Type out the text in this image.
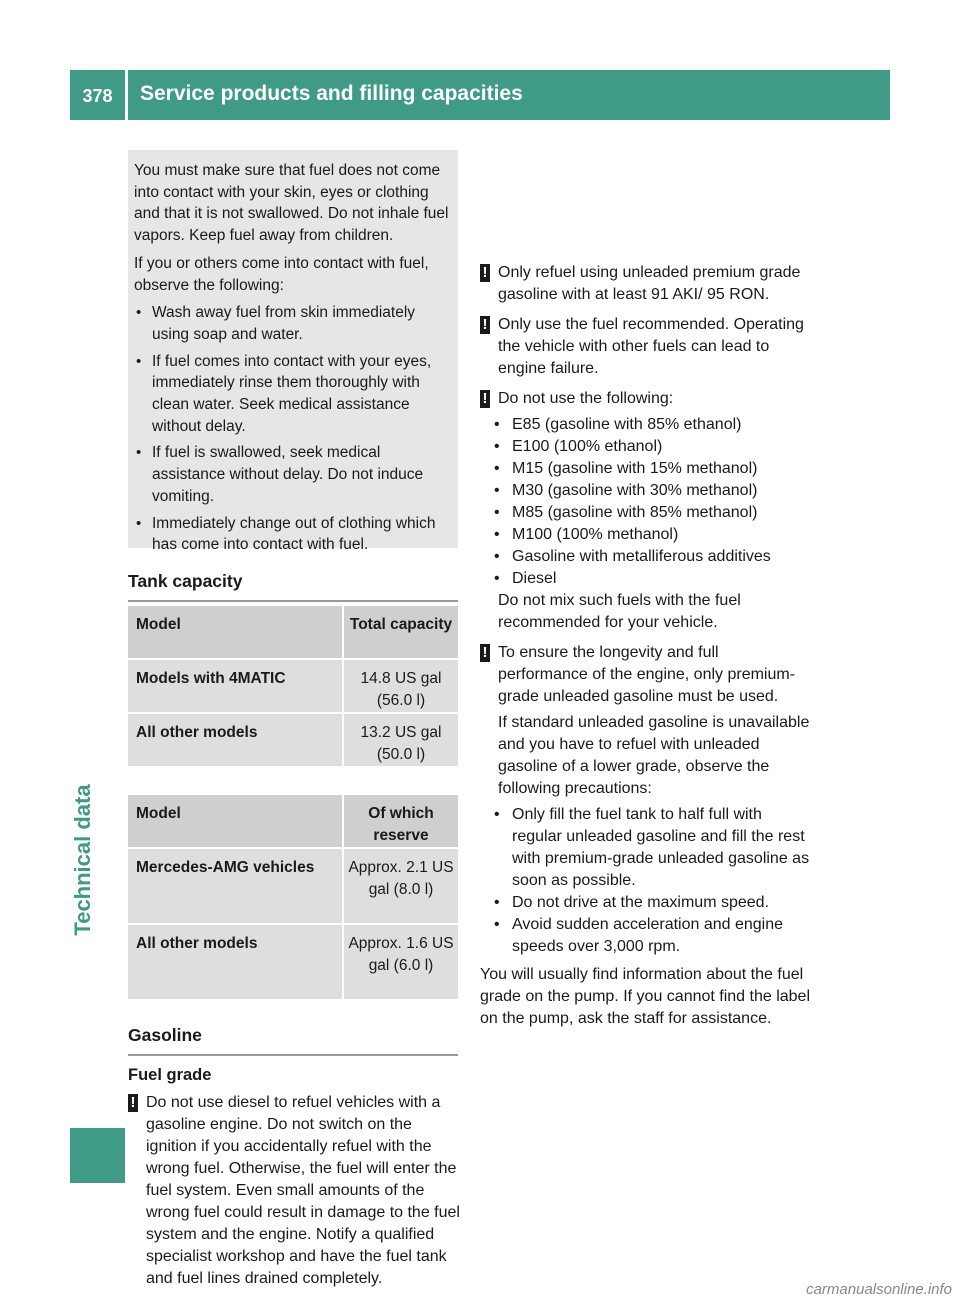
378	Service products and filling capacities
Technical data

You must make sure that fuel does not come into contact with your skin, eyes or clothing and that it is not swallowed. Do not inhale fuel vapors. Keep fuel away from children.

If you or others come into contact with fuel, observe the following:

• Wash away fuel from skin immediately using soap and water.
• If fuel comes into contact with your eyes, immediately rinse them thoroughly with clean water. Seek medical assistance without delay.
• If fuel is swallowed, seek medical assistance without delay. Do not induce vomiting.
• Immediately change out of clothing which has come into contact with fuel.
Tank capacity
Model	Total capacity
Models with 4MATIC	14.8 US gal (56.0 l)
All other models	13.2 US gal (50.0 l)
Model	Of which reserve
Mercedes-AMG vehicles	Approx. 2.1 US gal (8.0 l)
All other models	Approx. 1.6 US gal (6.0 l)
Gasoline
Fuel grade
! Do not use diesel to refuel vehicles with a gasoline engine. Do not switch on the ignition if you accidentally refuel with the wrong fuel. Otherwise, the fuel will enter the fuel system. Even small amounts of the wrong fuel could result in damage to the fuel system and the engine. Notify a qualified specialist workshop and have the fuel tank and fuel lines drained completely.
! Only refuel using unleaded premium grade gasoline with at least 91 AKI/ 95 RON.
! Only use the fuel recommended. Operating the vehicle with other fuels can lead to engine failure.
! Do not use the following:
• E85 (gasoline with 85% ethanol)
• E100 (100% ethanol)
• M15 (gasoline with 15% methanol)
• M30 (gasoline with 30% methanol)
• M85 (gasoline with 85% methanol)
• M100 (100% methanol)
• Gasoline with metalliferous additives
• Diesel
Do not mix such fuels with the fuel recommended for your vehicle.
! To ensure the longevity and full performance of the engine, only premium-grade unleaded gasoline must be used.
If standard unleaded gasoline is unavailable and you have to refuel with unleaded gasoline of a lower grade, observe the following precautions:
• Only fill the fuel tank to half full with regular unleaded gasoline and fill the rest with premium-grade unleaded gasoline as soon as possible.
• Do not drive at the maximum speed.
• Avoid sudden acceleration and engine speeds over 3,000 rpm.
You will usually find information about the fuel grade on the pump. If you cannot find the label on the pump, ask the staff for assistance.
carmanualsonline.info
